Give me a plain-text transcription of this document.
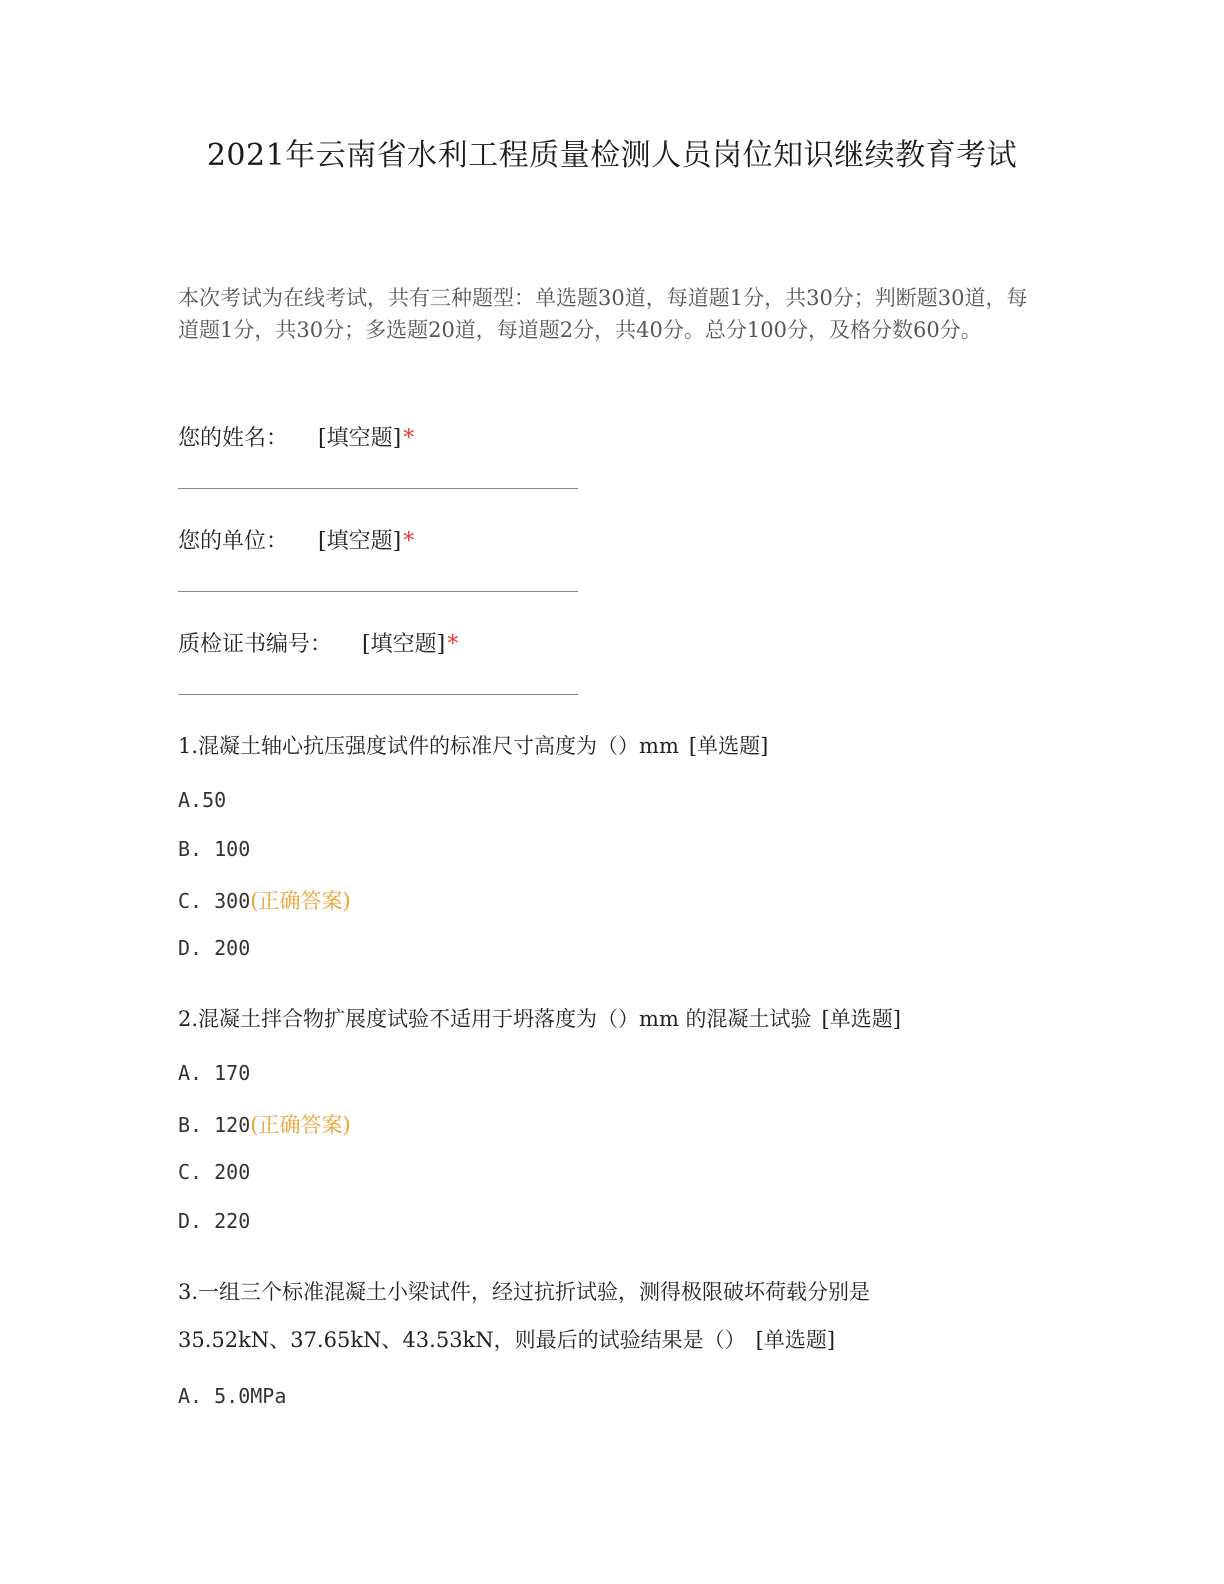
2021年云南省水利工程质量检测人员岗位知识继续教育考试
本次考试为在线考试，共有三种题型：单选题30道，每道题1分，共30分；判断题30道，每道题1分，共30分；多选题20道，每道题2分，共40分。总分100分，及格分数60分。
您的姓名： [填空题]*
您的单位： [填空题]*
质检证书编号： [填空题]*
1.混凝土轴心抗压强度试件的标准尺寸高度为（）mm [单选题]
A.50
B. 100
C. 300(正确答案)
D. 200
2.混凝土拌合物扩展度试验不适用于坍落度为（）mm 的混凝土试验 [单选题]
A. 170
B. 120(正确答案)
C. 200
D. 220
3.一组三个标准混凝土小梁试件，经过抗折试验，测得极限破坏荷载分别是
35.52kN、37.65kN、43.53kN，则最后的试验结果是（） [单选题]
A. 5.0MPa
